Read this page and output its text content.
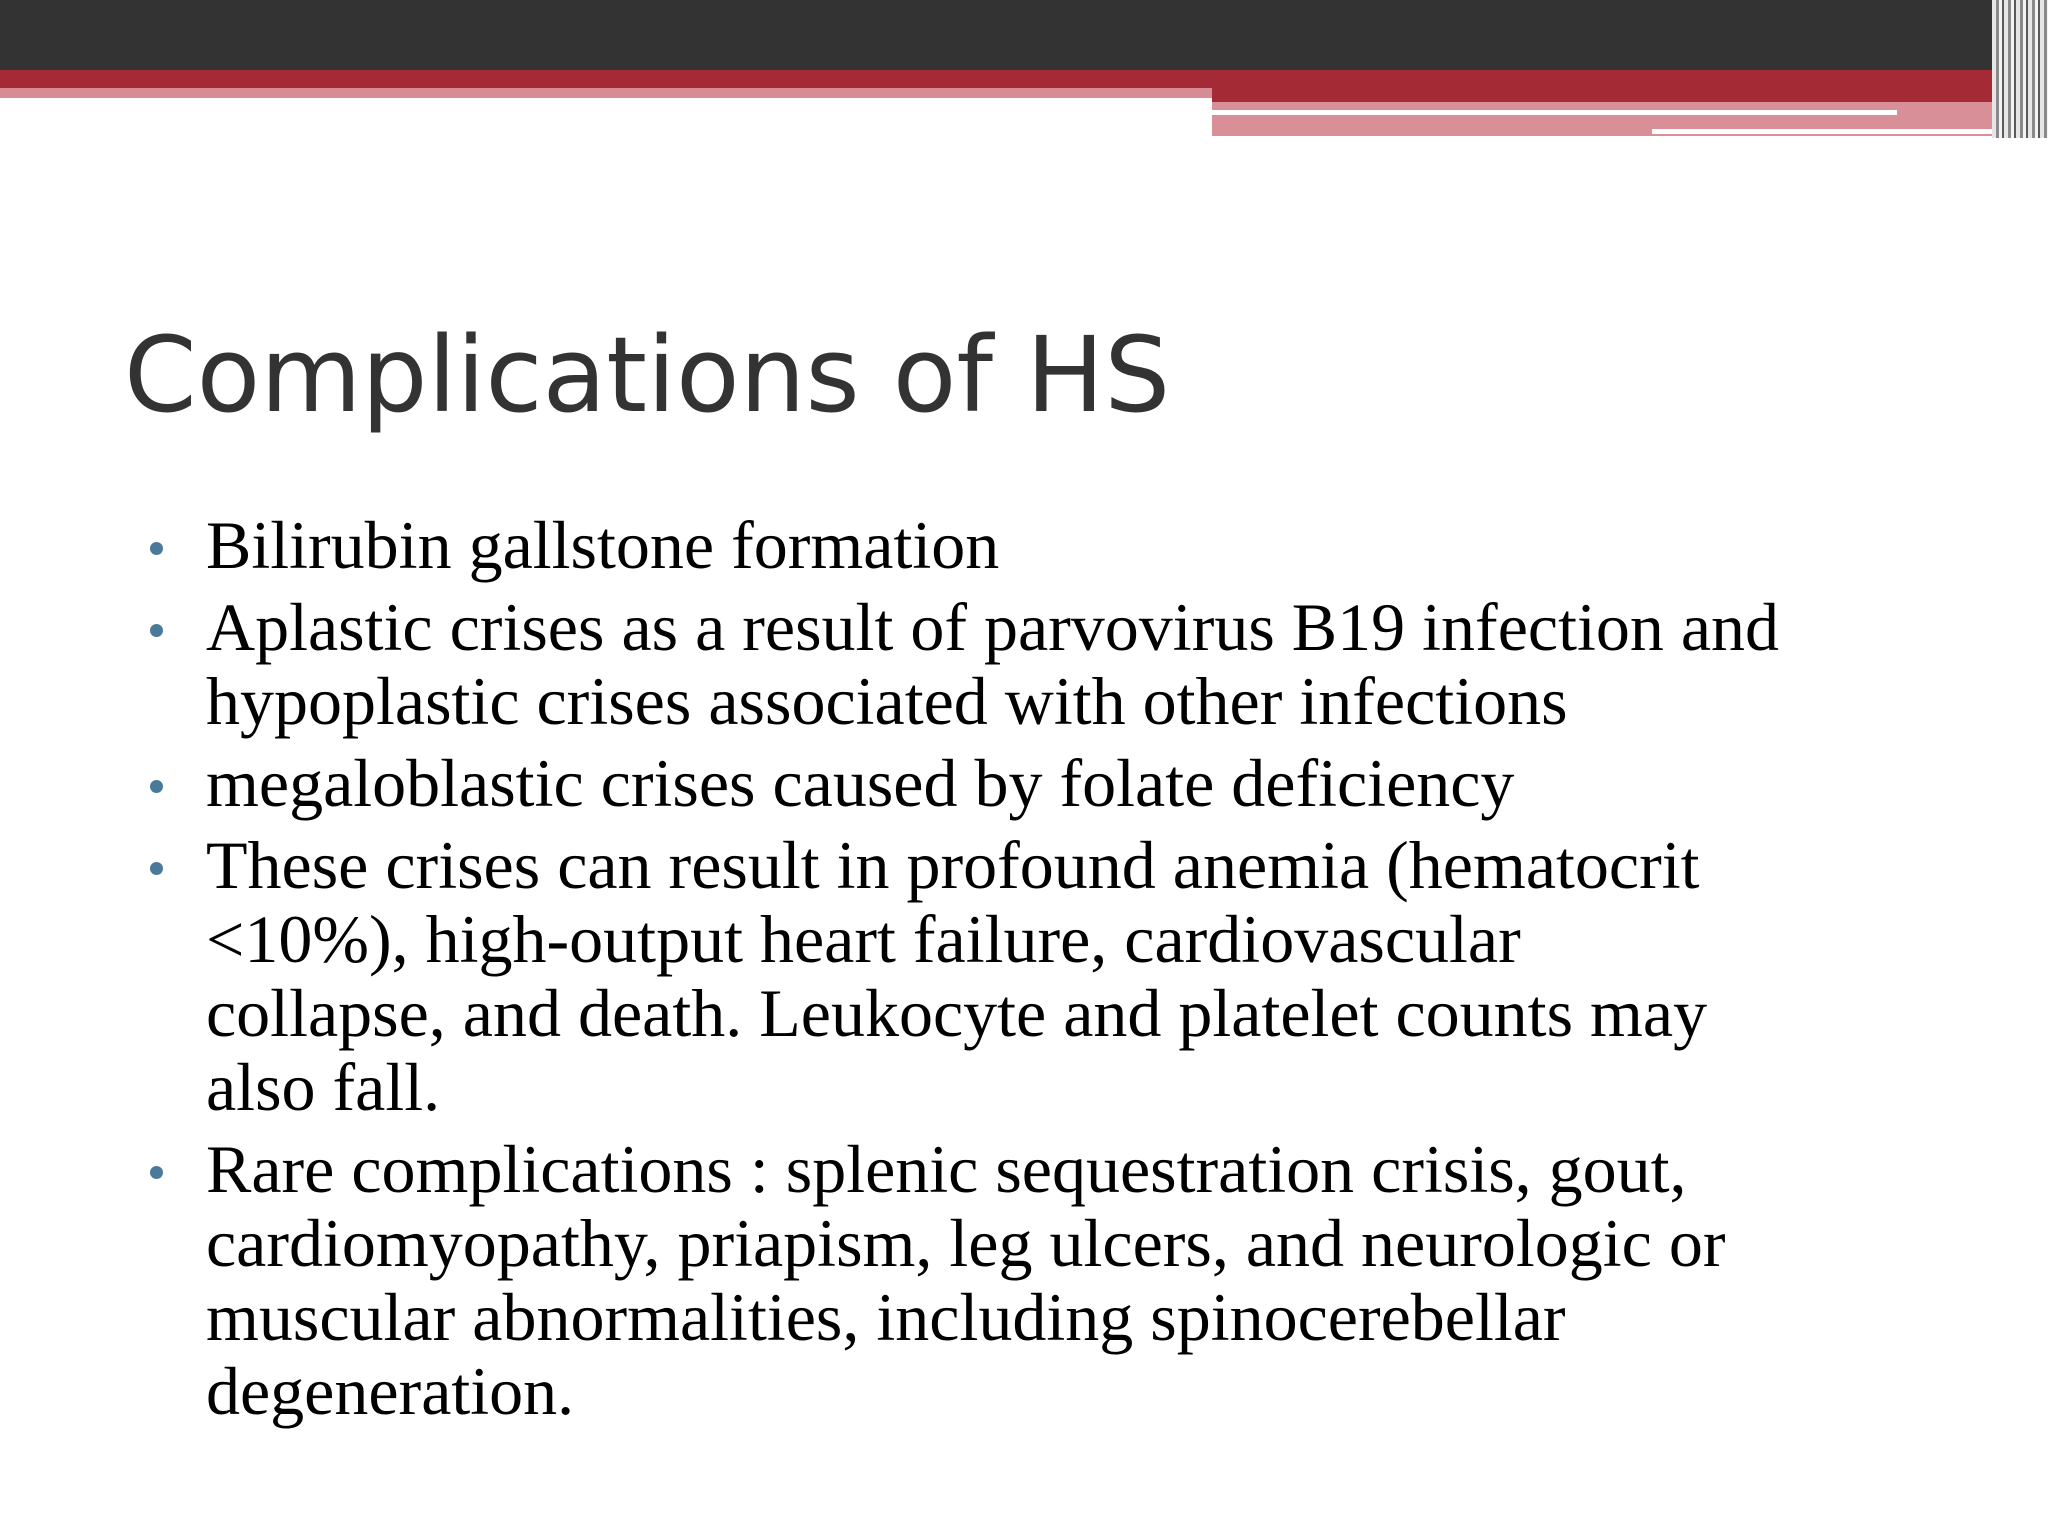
Complications of HS
Bilirubin gallstone formation
Aplastic crises as a result of parvovirus B19 infection and
hypoplastic crises associated with other infections
megaloblastic crises caused by folate deficiency
These crises can result in profound anemia (hematocrit
<10%), high-output heart failure, cardiovascular
collapse, and death. Leukocyte and platelet counts may
also fall.
Rare complications : splenic sequestration crisis, gout,
cardiomyopathy, priapism, leg ulcers, and neurologic or
muscular abnormalities, including spinocerebellar
degeneration.
